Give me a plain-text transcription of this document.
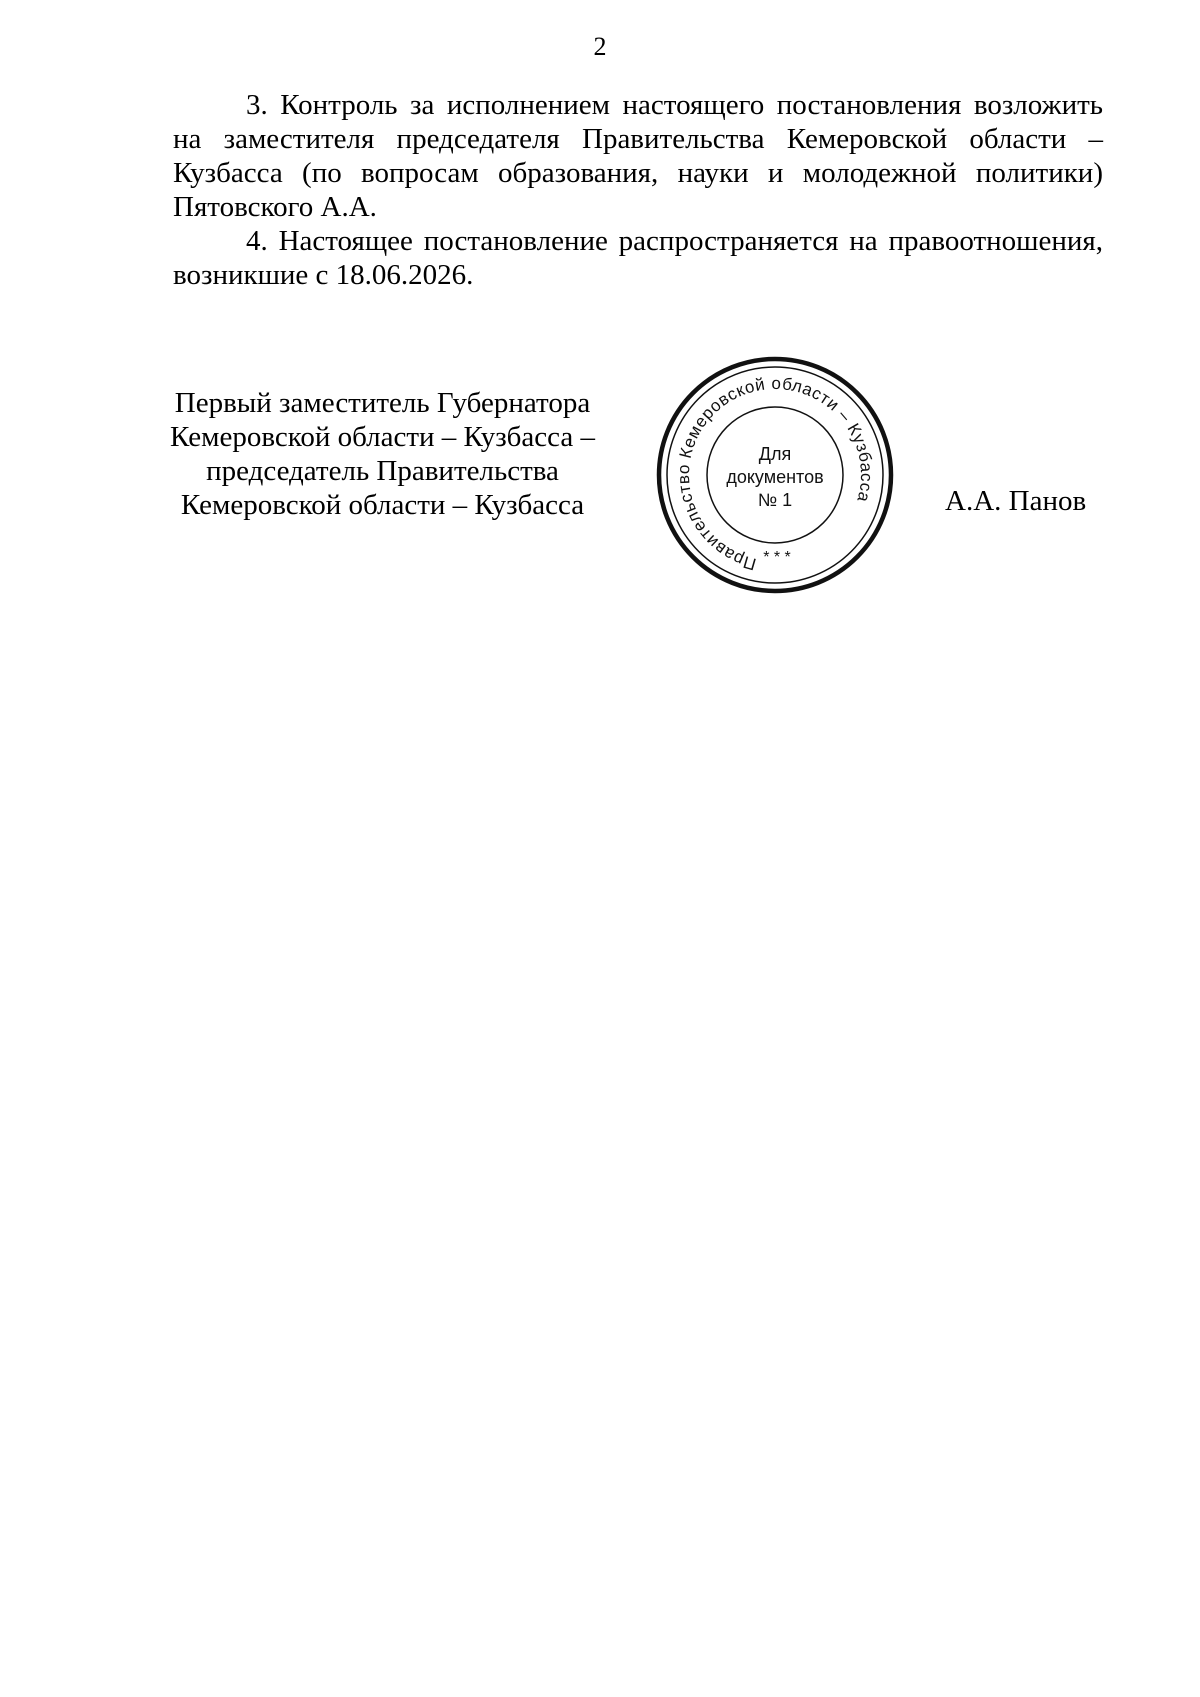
2

3. Контроль за исполнением настоящего постановления возложить на заместителя председателя Правительства Кемеровской области – Кузбасса (по вопросам образования, науки и молодежной политики) Пятовского А.А.

4. Настоящее постановление распространяется на правоотношения, возникшие с 18.06.2026.

Первый заместитель Губернатора
Кемеровской области – Кузбасса –
председатель Правительства
Кемеровской области – Кузбасса
Правительство Кемеровской области – Кузбасса
Для
документов
№ 1
* * *
А.А. Панов
